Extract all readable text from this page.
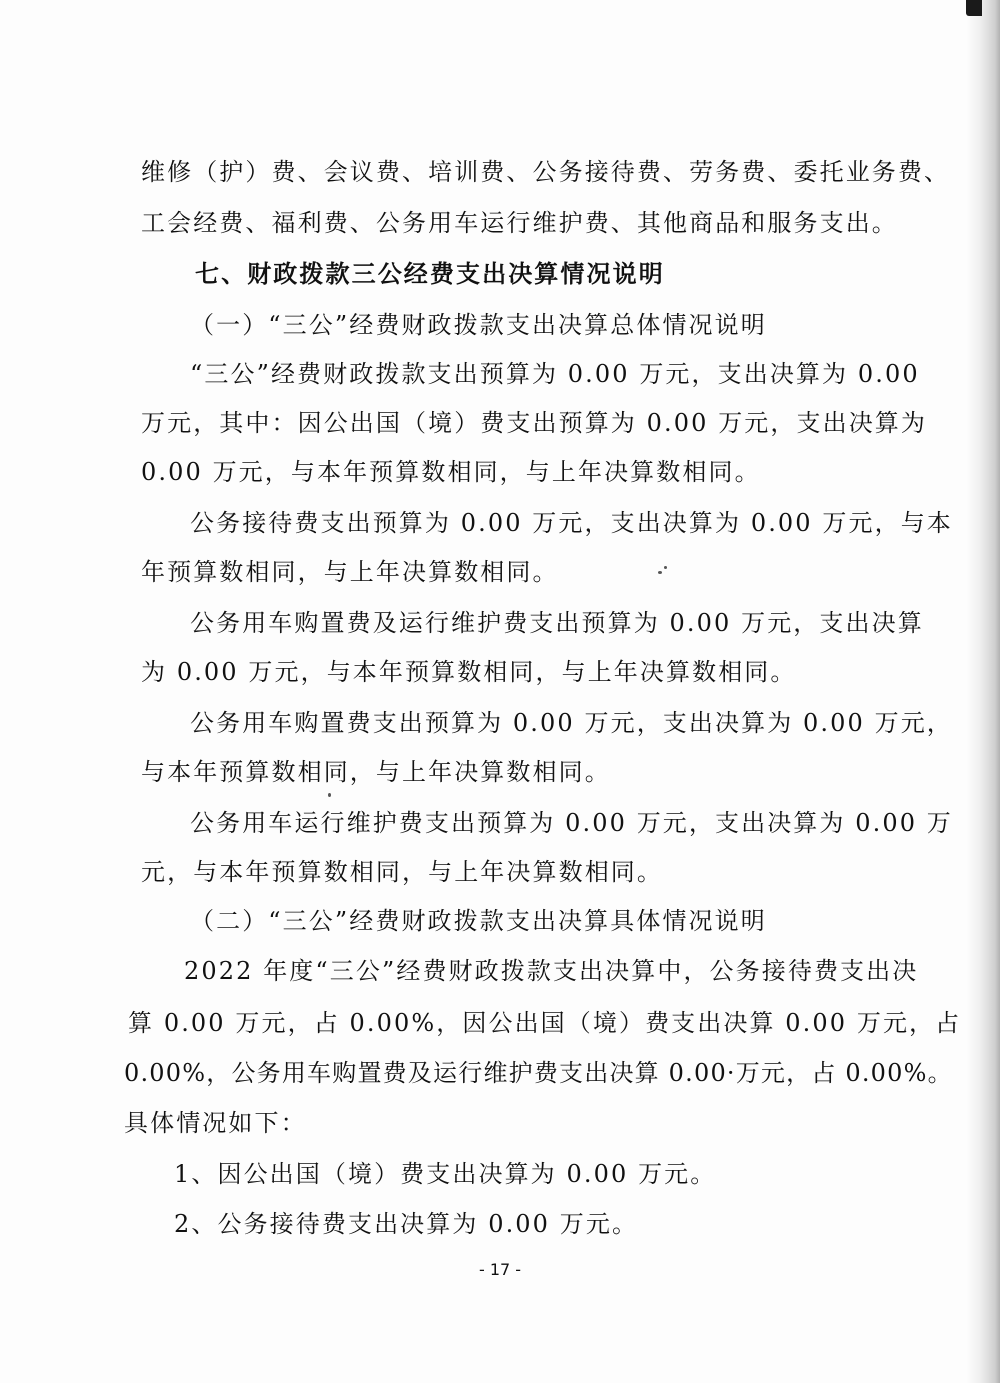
维修（护）费、会议费、培训费、公务接待费、劳务费、委托业务费、
工会经费、福利费、公务用车运行维护费、其他商品和服务支出。
七、财政拨款三公经费支出决算情况说明
（一）“三公”经费财政拨款支出决算总体情况说明
“三公”经费财政拨款支出预算为 0.00 万元，支出决算为 0.00
万元，其中：因公出国（境）费支出预算为 0.00 万元，支出决算为
0.00 万元，与本年预算数相同，与上年决算数相同。
公务接待费支出预算为 0.00 万元，支出决算为 0.00 万元，与本
年预算数相同，与上年决算数相同。
公务用车购置费及运行维护费支出预算为 0.00 万元，支出决算
为 0.00 万元，与本年预算数相同，与上年决算数相同。
公务用车购置费支出预算为 0.00 万元，支出决算为 0.00 万元，
与本年预算数相同，与上年决算数相同。
公务用车运行维护费支出预算为 0.00 万元，支出决算为 0.00 万
元，与本年预算数相同，与上年决算数相同。
（二）“三公”经费财政拨款支出决算具体情况说明
2022 年度“三公”经费财政拨款支出决算中，公务接待费支出决
算 0.00 万元，占 0.00%，因公出国（境）费支出决算 0.00 万元，占
0.00%，公务用车购置费及运行维护费支出决算 0.00·万元，占 0.00%。
具体情况如下：
1、因公出国（境）费支出决算为 0.00 万元。
2、公务接待费支出决算为 0.00 万元。
- 17 -
